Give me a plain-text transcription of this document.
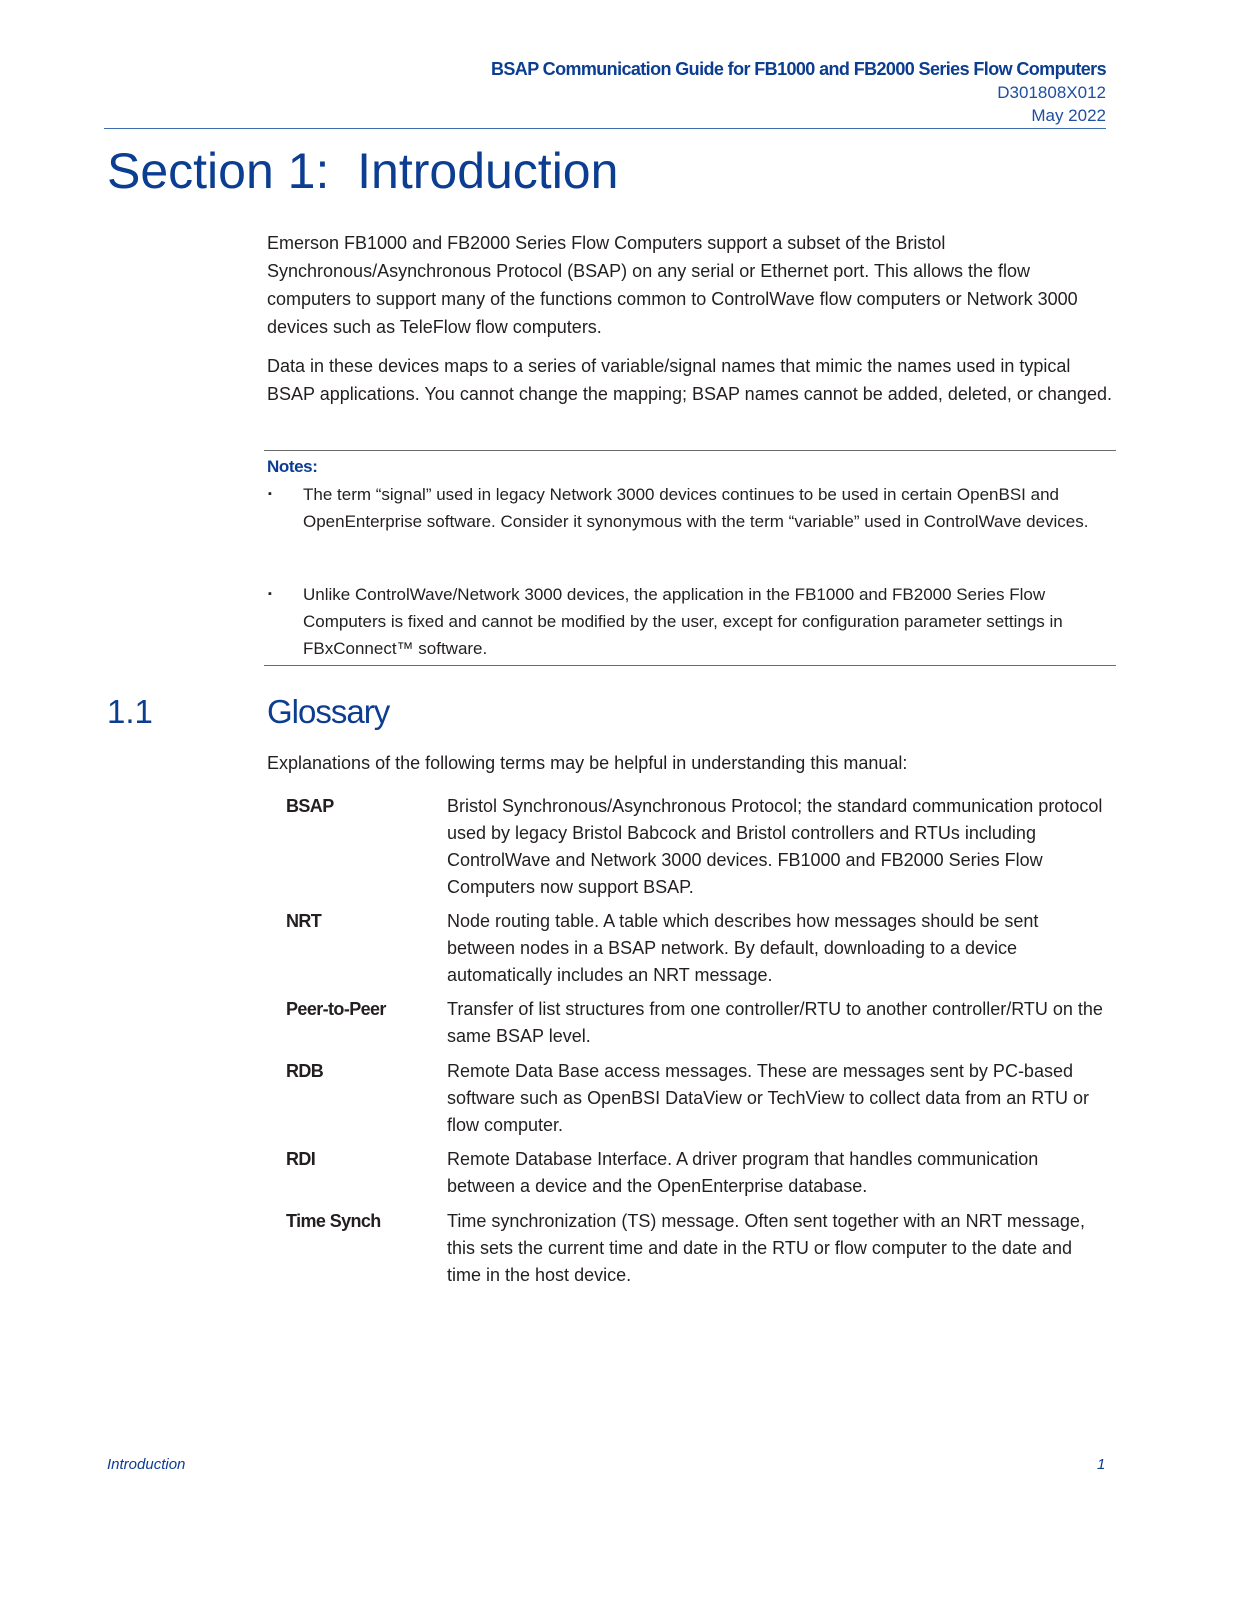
BSAP Communication Guide for FB1000 and FB2000 Series Flow Computers
D301808X012
May 2022
Section 1:  Introduction

Emerson FB1000 and FB2000 Series Flow Computers support a subset of the Bristol Synchronous/Asynchronous Protocol (BSAP) on any serial or Ethernet port. This allows the flow computers to support many of the functions common to ControlWave flow computers or Network 3000 devices such as TeleFlow flow computers.

Data in these devices maps to a series of variable/signal names that mimic the names used in typical BSAP applications. You cannot change the mapping; BSAP names cannot be added, deleted, or changed.

Notes:
▪ The term “signal” used in legacy Network 3000 devices continues to be used in certain OpenBSI and OpenEnterprise software. Consider it synonymous with the term “variable” used in ControlWave devices.
▪ Unlike ControlWave/Network 3000 devices, the application in the FB1000 and FB2000 Series Flow Computers is fixed and cannot be modified by the user, except for configuration parameter settings in FBxConnect™ software.
1.1	Glossary

Explanations of the following terms may be helpful in understanding this manual:

BSAP	Bristol Synchronous/Asynchronous Protocol; the standard communication protocol used by legacy Bristol Babcock and Bristol controllers and RTUs including ControlWave and Network 3000 devices. FB1000 and FB2000 Series Flow Computers now support BSAP.
NRT	Node routing table. A table which describes how messages should be sent between nodes in a BSAP network. By default, downloading to a device automatically includes an NRT message.
Peer-to-Peer	Transfer of list structures from one controller/RTU to another controller/RTU on the same BSAP level.
RDB	Remote Data Base access messages. These are messages sent by PC-based software such as OpenBSI DataView or TechView to collect data from an RTU or flow computer.
RDI	Remote Database Interface. A driver program that handles communication between a device and the OpenEnterprise database.
Time Synch	Time synchronization (TS) message. Often sent together with an NRT message, this sets the current time and date in the RTU or flow computer to the date and time in the host device.
Introduction	1
